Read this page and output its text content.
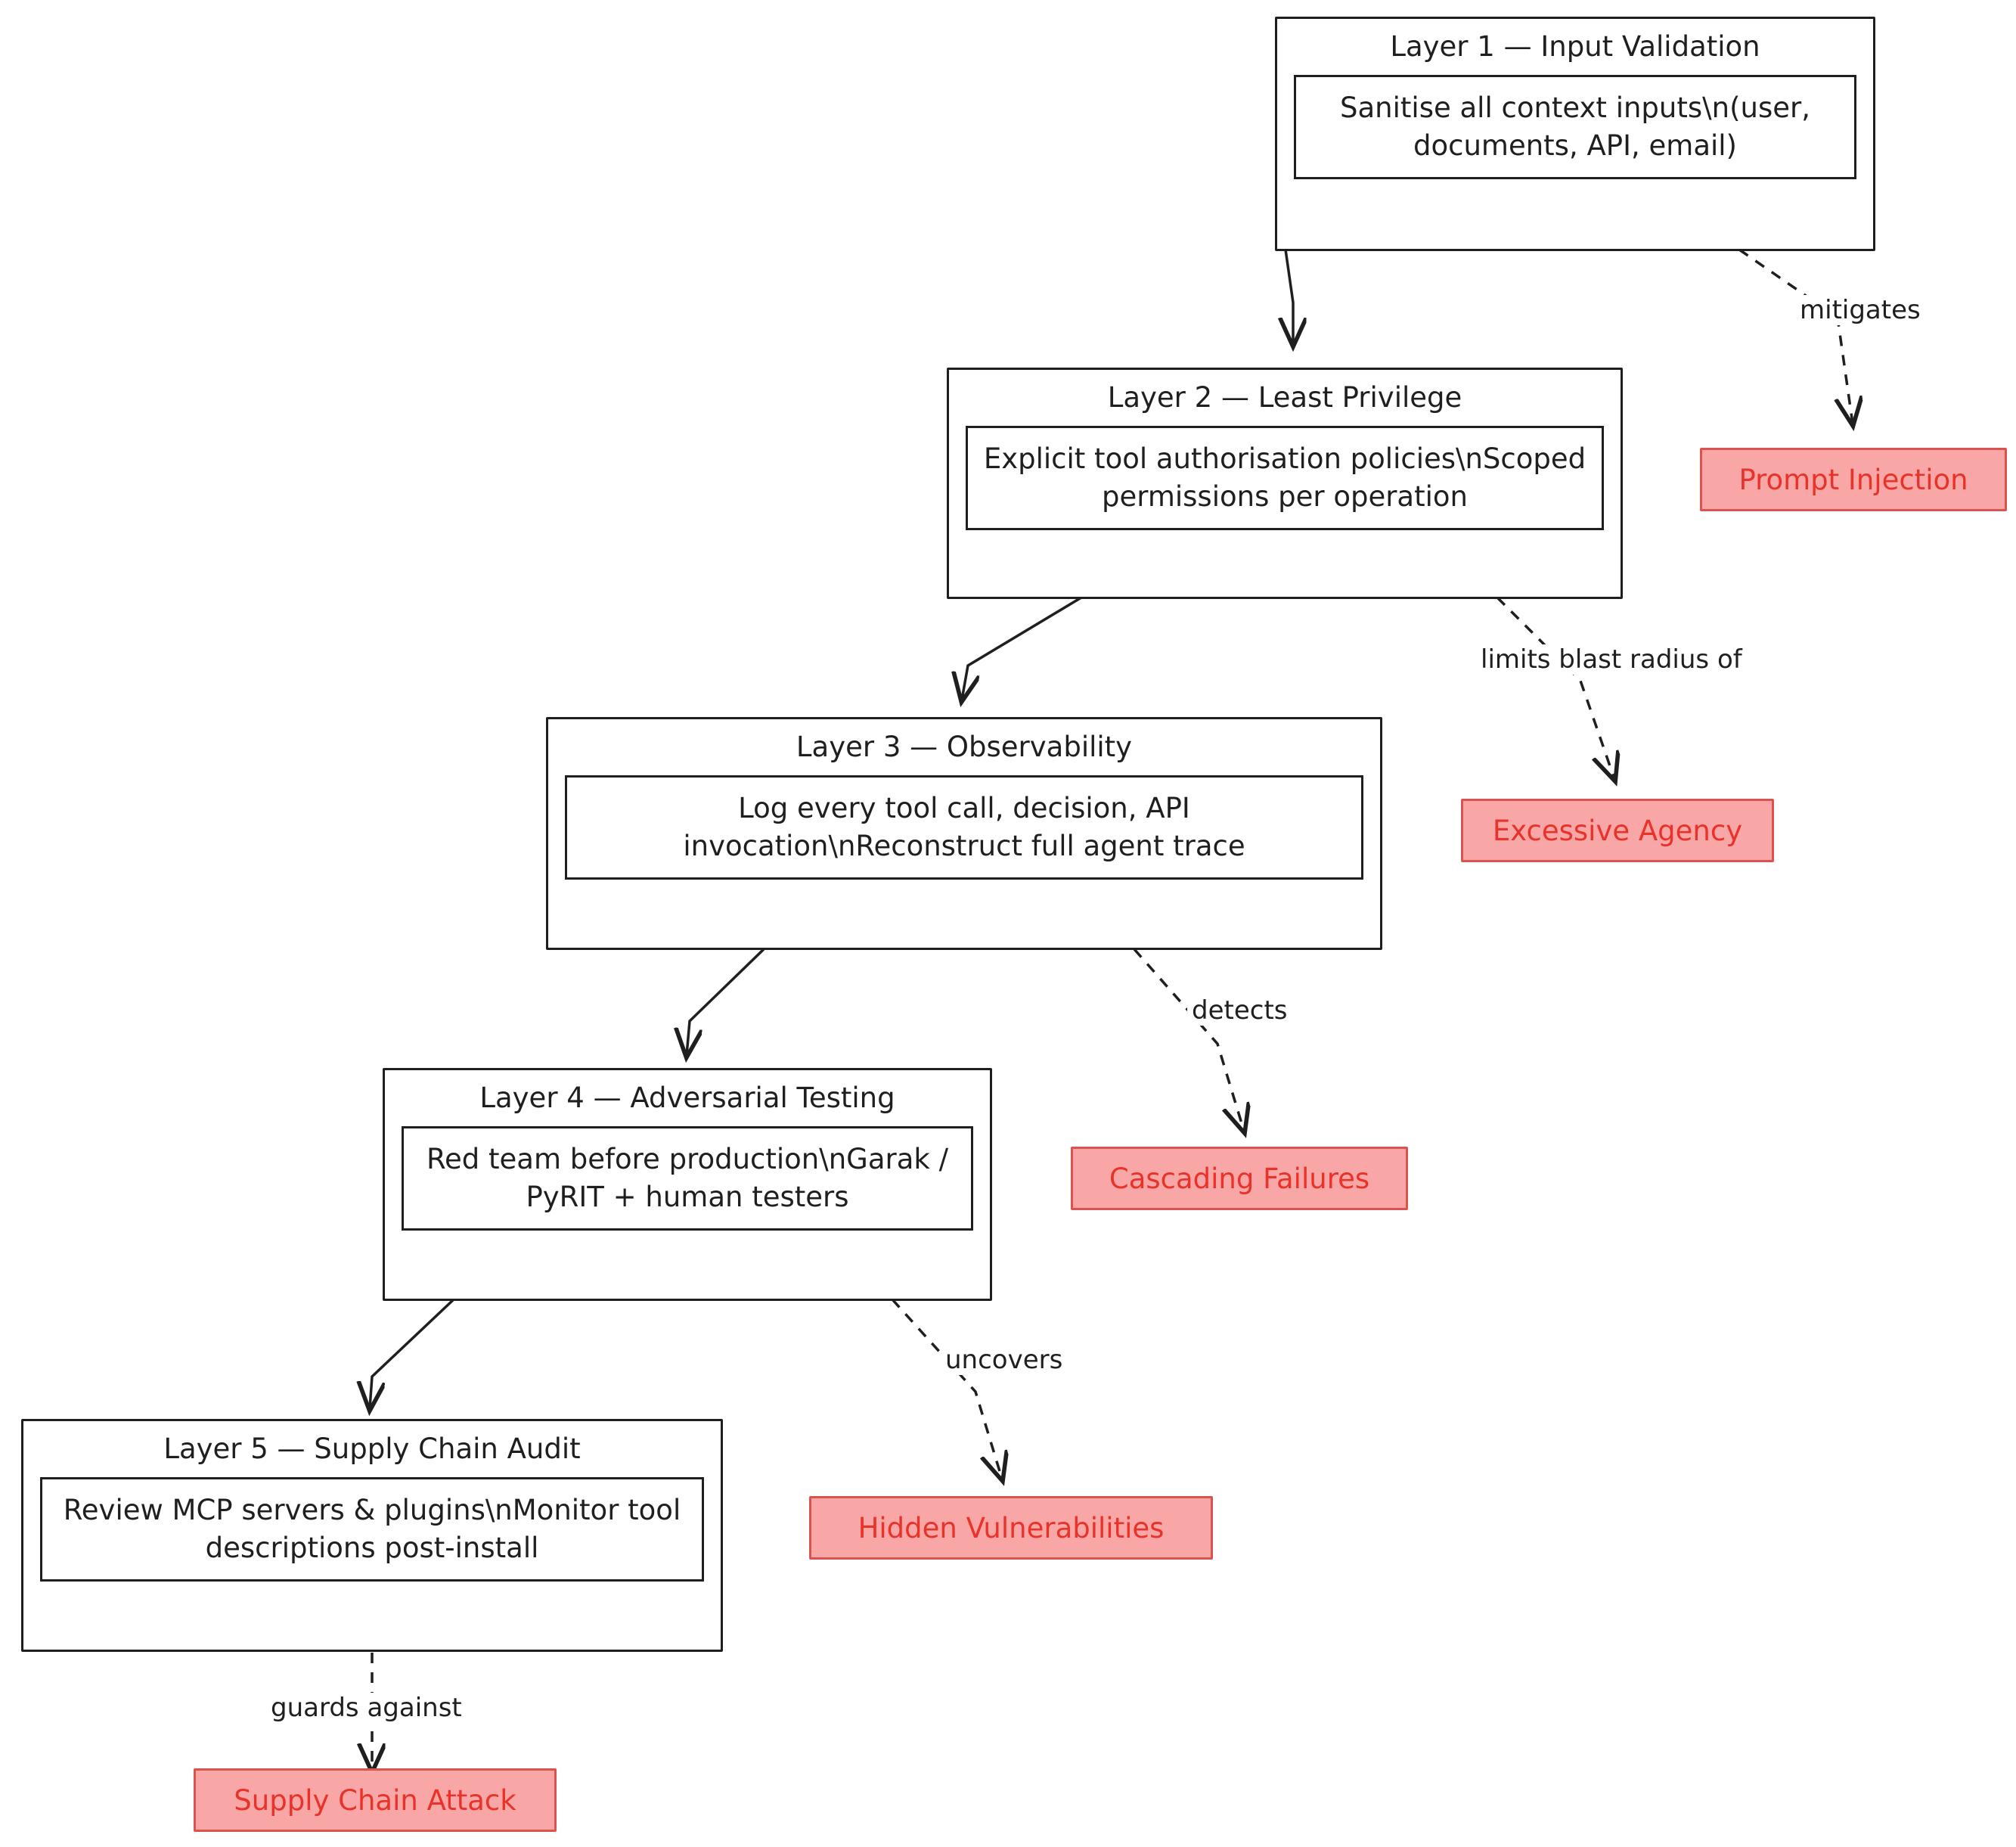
Layer 1 — Input Validation
Sanitise all context inputs\n(user, documents, API, email)
Layer 2 — Least Privilege
Explicit tool authorisation policies\nScoped permissions per operation
Layer 3 — Observability
Log every tool call, decision, API invocation\nReconstruct full agent trace
Layer 4 — Adversarial Testing
Red team before production\nGarak / PyRIT + human testers
Layer 5 — Supply Chain Audit
Review MCP servers & plugins\nMonitor tool descriptions post-install
Prompt Injection
Excessive Agency
Cascading Failures
Hidden Vulnerabilities
Supply Chain Attack
mitigates
limits blast radius of
detects
uncovers
guards against
